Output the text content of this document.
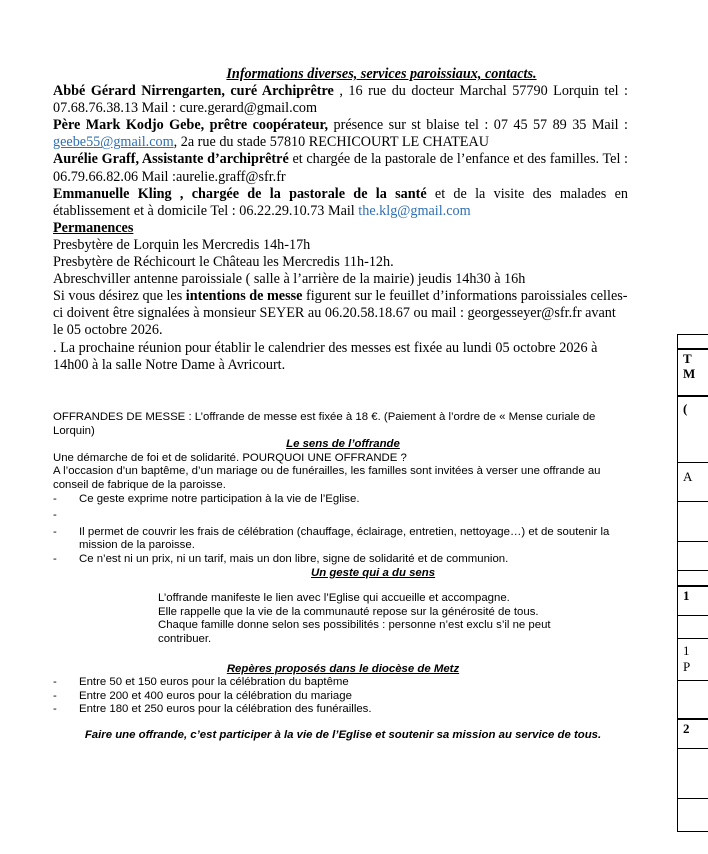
Informations diverses, services paroissiaux, contacts.

Abbé Gérard Nirrengarten, curé Archiprêtre , 16 rue du docteur Marchal 57790 Lorquin tel : 07.68.76.38.13 Mail : cure.gerard@gmail.com

Père Mark Kodjo Gebe, prêtre coopérateur, présence sur st blaise tel : 07 45 57 89 35 Mail : geebe55@gmail.com, 2a rue du stade 57810 RECHICOURT LE CHATEAU

Aurélie Graff, Assistante d’archiprêtré et chargée de la pastorale de l’enfance et des familles. Tel : 06.79.66.82.06 Mail :aurelie.graff@sfr.fr

Emmanuelle Kling , chargée de la pastorale de la santé et de la visite des malades en établissement et à domicile Tel : 06.22.29.10.73 Mail the.klg@gmail.com

Permanences

Presbytère de Lorquin les Mercredis 14h-17h

Presbytère de Réchicourt le Château les Mercredis 11h-12h.

Abreschviller antenne paroissiale ( salle à l’arrière de la mairie) jeudis 14h30 à 16h

Si vous désirez que les intentions de messe figurent sur le feuillet d’informations paroissiales celles-ci doivent être signalées à monsieur SEYER au 06.20.58.18.67 ou mail : georgesseyer@sfr.fr avant le 05 octobre 2026.

. La prochaine réunion pour établir le calendrier des messes est fixée au lundi 05 octobre 2026 à 14h00 à la salle Notre Dame à Avricourt.

OFFRANDES DE MESSE : L’offrande de messe est fixée à 18 €. (Paiement à l’ordre de « Mense curiale de Lorquin)

Le sens de l’offrande

Une démarche de foi et de solidarité. POURQUOI UNE OFFRANDE ?

A l’occasion d’un baptême, d’un mariage ou de funérailles, les familles sont invitées à verser une offrande au conseil de fabrique de la paroisse.

- Ce geste exprime notre participation à la vie de l’Eglise.
-
- Il permet de couvrir les frais de célébration (chauffage, éclairage, entretien, nettoyage…) et de soutenir la mission de la paroisse.
- Ce n’est ni un prix, ni un tarif, mais un don libre, signe de solidarité et de communion.

Un geste qui a du sens

L’offrande manifeste le lien avec l’Eglise qui accueille et accompagne.

Elle rappelle que la vie de la communauté repose sur la générosité de tous.

Chaque famille donne selon ses possibilités : personne n’est exclu s’il ne peut contribuer.

Repères proposés dans le diocèse de Metz

- Entre 50 et 150 euros pour la célébration du baptême
- Entre 200 et 400 euros pour la célébration du mariage
- Entre 180 et 250 euros pour la célébration des funérailles.

Faire une offrande, c’est participer à la vie de l’Eglise et soutenir sa mission au service de tous.

T
M
(
A
1
1
P
2
